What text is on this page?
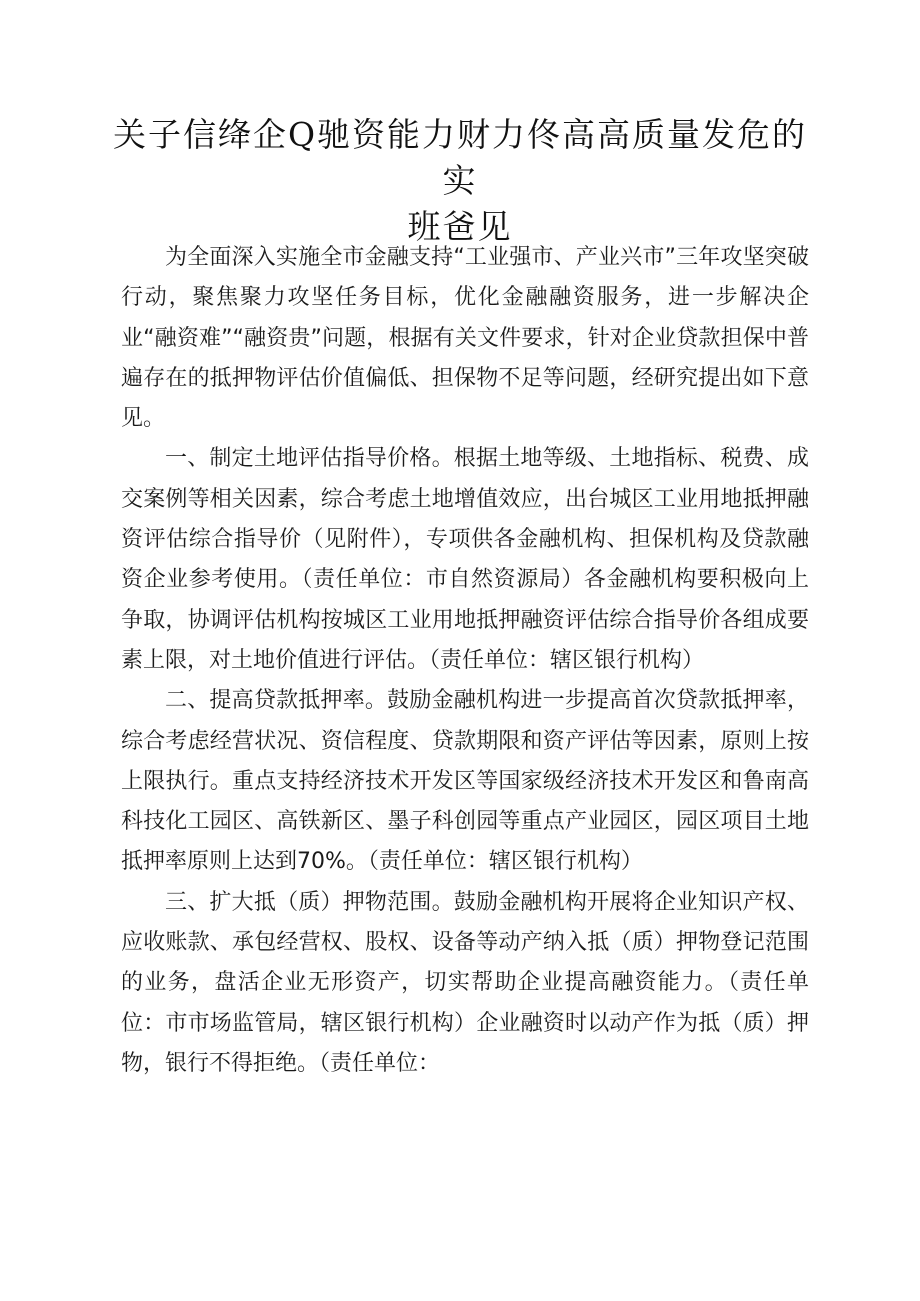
关子信绛企Q驰资能力财力佟高高质量发危的实
班爸见

为全面深入实施全市金融支持“工业强市、产业兴市”三年攻坚突破行动，聚焦聚力攻坚任务目标，优化金融融资服务，进一步解决企业“融资难”“融资贵”问题，根据有关文件要求，针对企业贷款担保中普遍存在的抵押物评估价值偏低、担保物不足等问题，经研究提出如下意见。

一、制定土地评估指导价格。根据土地等级、土地指标、税费、成交案例等相关因素，综合考虑土地增值效应，出台城区工业用地抵押融资评估综合指导价（见附件），专项供各金融机构、担保机构及贷款融资企业参考使用。（责任单位：市自然资源局）各金融机构要积极向上争取，协调评估机构按城区工业用地抵押融资评估综合指导价各组成要素上限，对土地价值进行评估。（责任单位：辖区银行机构）

二、提高贷款抵押率。鼓励金融机构进一步提高首次贷款抵押率，综合考虑经营状况、资信程度、贷款期限和资产评估等因素，原则上按上限执行。重点支持经济技术开发区等国家级经济技术开发区和鲁南高科技化工园区、高铁新区、墨子科创园等重点产业园区，园区项目土地抵押率原则上达到70%。（责任单位：辖区银行机构）

三、扩大抵（质）押物范围。鼓励金融机构开展将企业知识产权、应收账款、承包经营权、股权、设备等动产纳入抵（质）押物登记范围的业务，盘活企业无形资产，切实帮助企业提高融资能力。（责任单位：市市场监管局，辖区银行机构）企业融资时以动产作为抵（质）押物，银行不得拒绝。（责任单位：
